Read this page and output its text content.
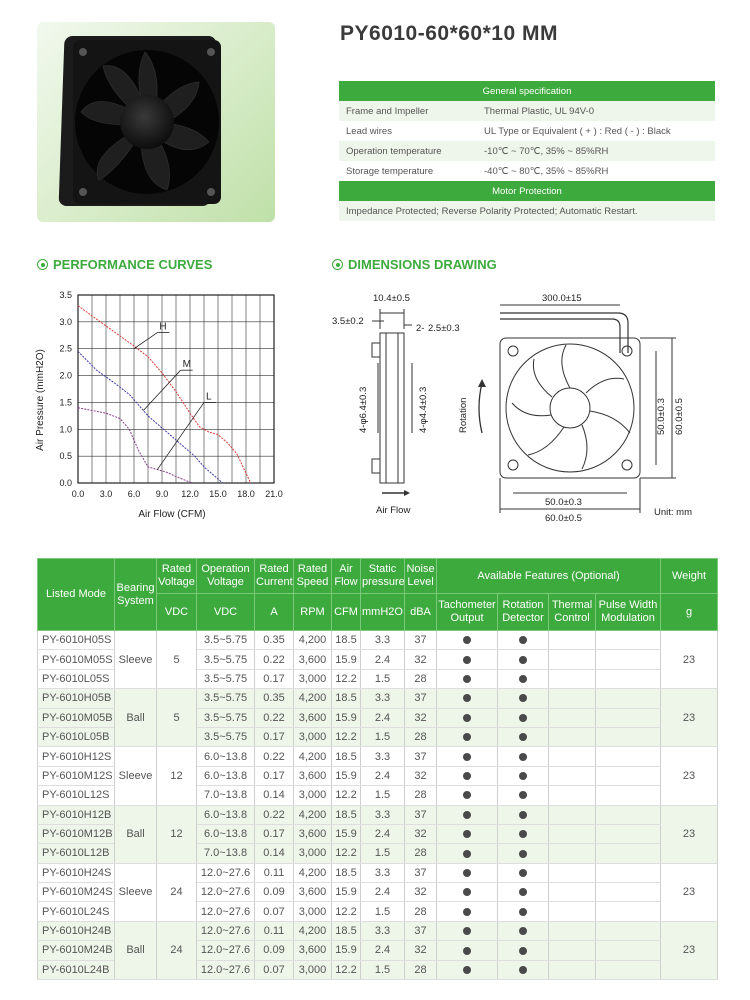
PY6010-60*60*10 MM
General specification	
Frame and Impeller	Thermal Plastic, UL 94V-0
Lead wires	UL Type or Equivalent ( + ) : Red ( - ) : Black
Operation temperature	-10℃ ~ 70℃, 35% ~ 85%RH
Storage temperature	-40℃ ~ 80℃, 35% ~ 85%RH
Motor Protection	
Impedance Protected; Reverse Polarity Protected; Automatic Restart.	
PERFORMANCE CURVES	DIMENSIONS DRAWING
0.0
0.5
1.0
1.5
2.0
2.5
3.0
3.5
0.0 3.0 6.0 9.0 12.0 15.0 18.0 21.0
H
M
L
Air Flow (CFM)
Air Pressure (mmH2O)
10.4±0.5
3.5±0.2
2- 2.5±0.3
4-φ6.4±0.3	4-φ4.4±0.3
Air Flow
300.0±15
50.0±0.3 60.0±0.5
50.0±0.3
60.0±0.5
Rotation
Unit: mm
Listed Mode	Bearing System	Rated Voltage	Operation Voltage	Rated Current	Rated Speed	Air Flow	Static pressure	Noise Level	Available Features (Optional)				Weight
		VDC	VDC	A	RPM	CFM	mmH2O	dBA	Tachometer Output	Rotation Detector	Thermal Control	Pulse Width Modulation	g
PY-6010H05S	Sleeve	5	3.5~5.75	0.35	4,200	18.5	3.3	37					23
PY-6010M05S			3.5~5.75	0.22	3,600	15.9	2.4	32					
PY-6010L05S			3.5~5.75	0.17	3,000	12.2	1.5	28					
PY-6010H05B	Ball	5	3.5~5.75	0.35	4,200	18.5	3.3	37					23
PY-6010M05B			3.5~5.75	0.22	3,600	15.9	2.4	32					
PY-6010L05B			3.5~5.75	0.17	3,000	12.2	1.5	28					
PY-6010H12S	Sleeve	12	6.0~13.8	0.22	4,200	18.5	3.3	37					23
PY-6010M12S			6.0~13.8	0.17	3,600	15.9	2.4	32					
PY-6010L12S			7.0~13.8	0.14	3,000	12.2	1.5	28					
PY-6010H12B	Ball	12	6.0~13.8	0.22	4,200	18.5	3.3	37					23
PY-6010M12B			6.0~13.8	0.17	3,600	15.9	2.4	32					
PY-6010L12B			7.0~13.8	0.14	3,000	12.2	1.5	28					
PY-6010H24S	Sleeve	24	12.0~27.6	0.11	4,200	18.5	3.3	37					23
PY-6010M24S			12.0~27.6	0.09	3,600	15.9	2.4	32					
PY-6010L24S			12.0~27.6	0.07	3,000	12.2	1.5	28					
PY-6010H24B	Ball	24	12.0~27.6	0.11	4,200	18.5	3.3	37					23
PY-6010M24B			12.0~27.6	0.09	3,600	15.9	2.4	32					
PY-6010L24B			12.0~27.6	0.07	3,000	12.2	1.5	28					
